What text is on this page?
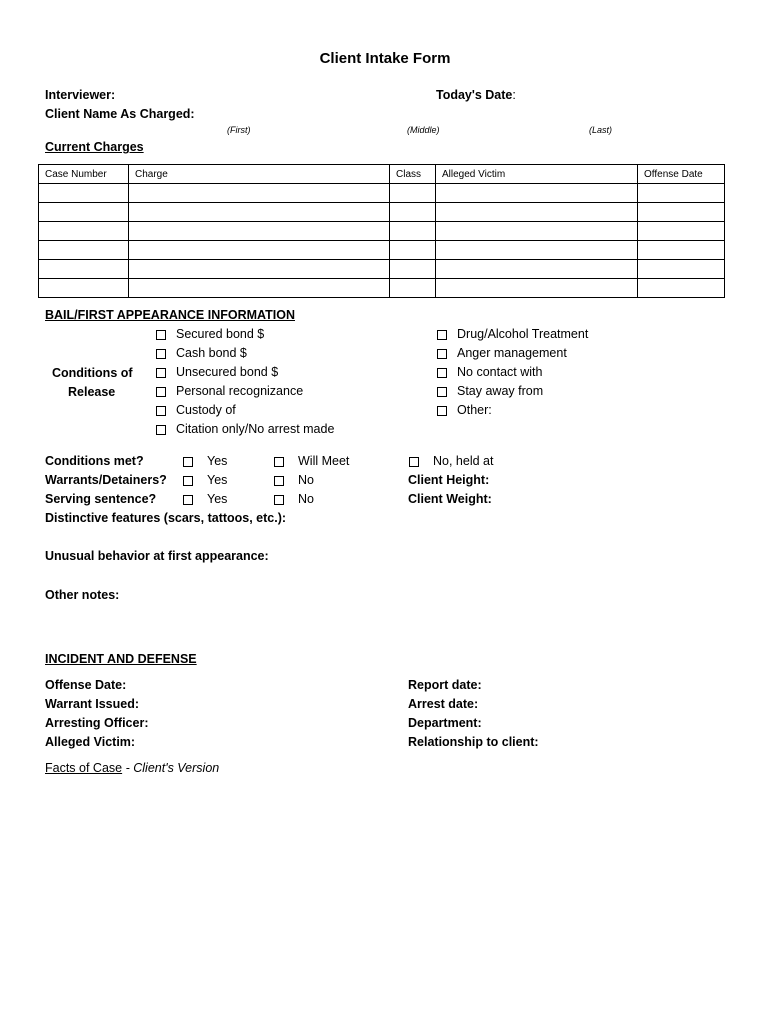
Client Intake Form
Interviewer:	Today's Date:
Client Name As Charged:
(First)	(Middle)	(Last)
Current Charges
Case Number	Charge	Class	Alleged Victim	Offense Date

BAIL/FIRST APPEARANCE INFORMATION
Conditions of
Release
Secured bond $
Cash bond $
Unsecured bond $
Personal recognizance
Custody of
Citation only/No arrest made
Drug/Alcohol Treatment
Anger management
No contact with
Stay away from
Other:
Conditions met?	Yes	Will Meet	No, held at
Warrants/Detainers?	Yes	No	Client Height:
Serving sentence?	Yes	No	Client Weight:
Distinctive features (scars, tattoos, etc.):
Unusual behavior at first appearance:
Other notes:
INCIDENT AND DEFENSE
Offense Date:	Report date:
Warrant Issued:	Arrest date:
Arresting Officer:	Department:
Alleged Victim:	Relationship to client:
Facts of Case - Client's Version
